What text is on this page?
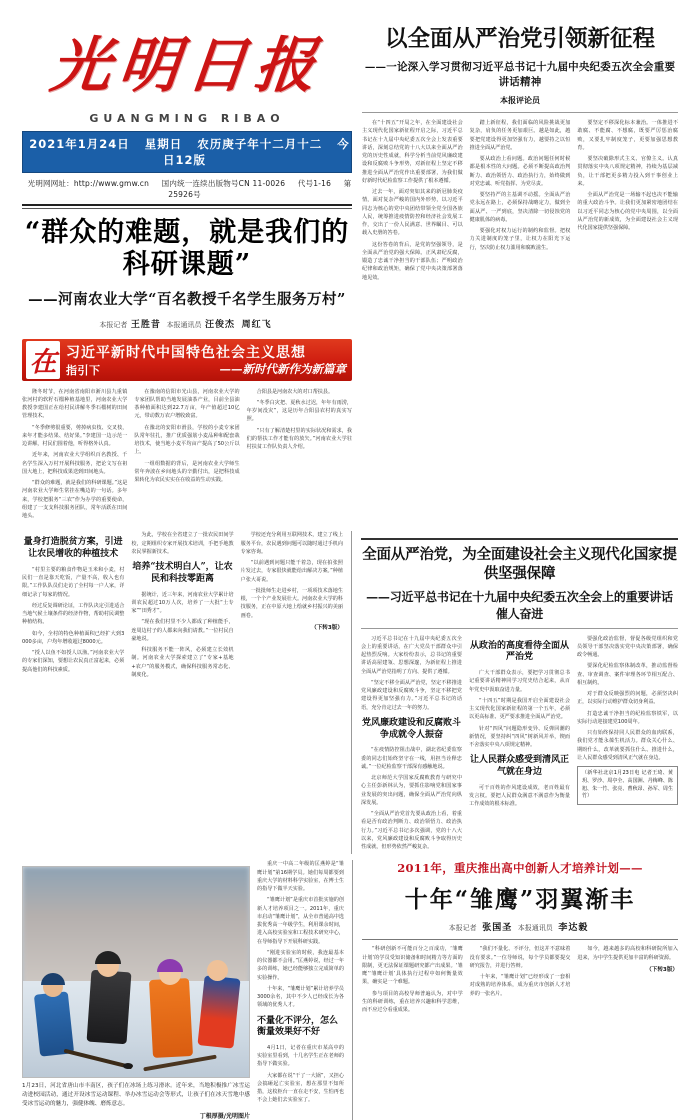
光明日报
GUANGMING RIBAO
2021年1月24日 星期日 农历庚子年十二月十二 今日12版
光明网网址：http://www.gmw.cn 国内统一连续出版物号CN 11-0026 代号1-16 第25926号
“群众的难题，就是我们的科研课题”
——河南农业大学“百名教授千名学生服务万村”
本报记者 王胜昔 本报通讯员 汪俊杰 周红飞
在 习近平新时代中国特色社会主义思想
指引下	——新时代新作为新篇章

隆冬时节，在河南省南阳市淅川县九重镇张河村的软籽石榴种植基地里，河南农业大学教授李建国正在给村民讲解冬季石榴树的田间管理技术。

“冬季修剪很重要，剪掉病虫枝、交叉枝，来年才能多结果、结好果。”李建国一边示范一边讲解，村民们围着他，听得格外认真。

近年来，河南农业大学组织百名教授、千名学生深入万村开展科技服务，把论文写在祖国大地上，把科技成果送到田间地头。

“群众的难题，就是我们的科研课题。”这是河南农业大学师生常挂在嘴边的一句话。多年来，学校把服务“三农”作为办学的重要使命，组建了一支支科技服务团队，常年活跃在田间地头。

在豫南的信阳市光山县，河南农业大学的专家团队帮助当地发展油茶产业，目前全县油茶种植面积达到22.7万亩，年产值超过10亿元，带动数万农户增收致富。

在豫北的安阳市滑县，学校的小麦专家团队常年驻扎，推广优质强筋小麦品种和配套栽培技术，使当地小麦平均亩产提高了50公斤以上。

一组组数据的背后，是河南农业大学师生常年奔波在乡间地头的辛勤付出，是把科技成果转化为农民实实在在收益的生动实践。

合阳县是河南农大的对口帮扶县。

“冬季白灾把、夏秋水过迟，年年有雨涝，年岁间没灾”，这是历年合阳县农村的真实写照。

“只有了解清楚村里的实际状况和需求，我们的帮扶工作才能有的放矢。”河南农业大学驻村扶贫工作队负责人介绍。

以全面从严治党引领新征程
——一论深入学习贯彻习近平总书记十九届中央纪委五次全会重要讲话精神
本报评论员

在“十四五”开局之年，在全面建设社会主义现代化国家新征程开启之际，习近平总书记在十九届中央纪委五次全会上发表重要讲话，深刻总结党的十八大以来全面从严治党的历史性成就，科学分析当前党风廉政建设和反腐败斗争形势，对新征程上坚定不移推进全面从严治党作出重要部署，为我们做好新时代纪检监察工作提供了根本遵循。

过去一年，面对突如其来的新冠肺炎疫情，面对复杂严峻的国内外形势，以习近平同志为核心的党中央团结带领全党全国各族人民，统筹推进疫情防控和经济社会发展工作，交出了一份人民满意、世界瞩目、可以载入史册的答卷。

这份答卷的背后，是党的坚强领导，是全面从严治党的强大保障。正风肃纪反腐，锻造了忠诚干净担当的干部队伍；严明政治纪律和政治规矩，确保了党中央决策部署落地见效。

踏上新征程，我们面临的风险挑战更加复杂，肩负的任务更加艰巨。越是如此，越要把党建设得更加坚强有力，越要持之以恒推进全面从严治党。

要从政治上看问题。政治问题任何时候都是根本性的大问题。必须不断提高政治判断力、政治领悟力、政治执行力，始终做到对党忠诚、听党指挥、为党尽责。

要坚持严的主基调不动摇。全面从严治党永远在路上，必须保持战略定力，做到全面从严、一严到底，坚决清除一切侵蚀党的健康肌体的病毒。

要强化对权力运行的制约和监督。把权力关进制度的笼子里，让权力在阳光下运行，坚决防止权力滥用和腐败滋生。

要坚定不移深化标本兼治。一体推进不敢腐、不能腐、不想腐，既要严厉惩治腐败，又要扎牢制度笼子，更要加强思想教育。

要坚决破除形式主义、官僚主义。认真贯彻落实中央八项规定精神，持续为基层减负，让干部把更多精力投入到干事创业上来。

全面从严治党是一场输不起也决不能输的重大政治斗争。让我们更加紧密地团结在以习近平同志为核心的党中央周围，以全面从严治党的新成效，为全面建设社会主义现代化国家提供坚强保障。

量身打造脱贫方案，引进让农民增收的种植技术

“村里主要的粮食作物是玉米和小麦，村民们一直是靠天吃饭，产量不高，收入也有限。”工作队队员们走访了全村每一户人家，详细记录了每家的情况。

经过反复调研论证，工作队决定引进适合当地气候土壤条件的经济作物，帮助村民调整种植结构。

如今，全村的特色种植面积已经扩大到3000多亩，户均年增收超过8000元。

“授人以鱼不如授人以渔。”河南农业大学的专家们深知，要想让农民真正富起来，必须提高他们的科技素质。

为此，学校在全省建立了一批农民田间学校，定期组织专家开展技术培训，手把手地教农民掌握新技术。

培养“技术明白人”，让农民和科技零距离

据统计，近三年来，河南农业大学累计培训农民超过10万人次，培养了一大批“土专家”“田秀才”。

“现在我们村里不少人都成了种植能手，连周边村子的人都来向我们请教。”一位村民自豪地说。

科技服务不能一阵风，必须建立长效机制。河南农业大学探索建立了“专家+基地+农户”的服务模式，确保科技服务常态化、制度化。

学校还充分利用互联网技术，建立了线上服务平台，农民遇到问题可以随时通过手机向专家咨询。

“以前遇到问题只能干着急，现在拍张照片发过去，专家很快就能给出解决方案。”种植户张大哥说。

一批批师生走进乡村，一项项技术落地生根，一个个产业发展壮大。河南农业大学的科技服务，正在中原大地上绘就乡村振兴的美丽画卷。

（下转3版）
全面从严治党，为全面建设社会主义现代化国家提供坚强保障
——习近平总书记在十九届中央纪委五次全会上的重要讲话催人奋进

习近平总书记在十九届中央纪委五次全会上的重要讲话，在广大党员干部群众中引起热烈反响。大家纷纷表示，总书记的重要讲话高屋建瓴、思想深邃，为新征程上推进全面从严治党指明了方向、提供了遵循。

“坚定不移全面从严治党，坚定不移推进党风廉政建设和反腐败斗争，坚定不移把党建设得更加坚强有力。”习近平总书记的话语，充分肯定过去一年的努力。

党风廉政建设和反腐败斗争成就令人振奋

“在疫情防控阻击战中，湖北省纪委监察委的同志们始终坚守在一线，用担当诠释忠诚。”一位纪检监察干部深有感触地说。

北京师范大学国家反腐败教育与研究中心主任彭新林认为，要抓住影响党和国家事业发展的突出问题，确保全面从严治党向纵深发展。

“全面从严治党首先要从政治上看，着重看是否有政治判断力、政治领悟力、政治执行力。”习近平总书记多次强调，党的十八大以来，党风廉政建设和反腐败斗争取得历史性成就，但形势依然严峻复杂。

从政治的高度看待全面从严治党

广大干部群众表示，要把学习贯彻总书记重要讲话精神同学习党史结合起来，从百年党史中汲取奋进力量。

“十四五”时期是我国开启全面建设社会主义现代化国家新征程的第一个五年，必须以更高标准、更严要求推进全面从严治党。

针对“四风”问题隐形变异、反弹回潮的新情况，要坚持纠“四风”树新风并举，锲而不舍落实中央八项规定精神。

让人民群众感受到清风正气就在身边

可干百姓的作风建设成效，老百姓最有发言权。要把人民群众满意不满意作为衡量工作成效的根本标准。

要强化政治监督，督促各级党组织和党员领导干部坚决落实党中央决策部署，确保政令畅通。

要深化纪检监察体制改革，推动监督检查、审查调查、案件审理各环节相互配合、相互制约。

对于群众反映强烈的问题，必须坚决纠正，以实际行动维护群众切身利益。

打造忠诚干净担当的纪检监察铁军，以实际行动迎接建党100周年。

只有始终保持同人民群众的血肉联系，我们党才能永葆生机活力。群众关心什么、期盼什么，改革就要抓住什么、推进什么，让人民群众感受到清风正气就在身边。

（新华社北京1月23日电 记者王琦、黄玥、罗沙、周亭全、高国洲、丹梅峰、陈旭、朱一竹、张亮、曹秋昂、孙军、周生竹）
1月23日，河北省唐山市丰南区，孩子们在冰场上练习滑冰。近年来，当地积极推广冰雪运动进校园活动，通过开设冰雪运动课程、举办冰雪运动会等形式，让孩子们在冰天雪地中感受冰雪运动的魅力，强健体魄、磨炼意志。
丁根厚摄/光明图片

重庆一中高二年级的匡燕婷是“雏鹰计划”第16期学员。她们每周都要到重庆大学的材料科学实验室，在博士生的指导下做半天实验。

“雏鹰计划”是重庆市首批实施的创新人才培养项目之一。2011年，重庆市启动“雏鹰计划”，从全市普通高中选拔优秀高一年级学生，利用课余时间，进入高校实验室和工程技术研究中心，在导师指导下开展科研实践。

“刚进实验室的时候，我连最基本的仪器都不会用。”匡燕婷说，经过一年多的训练，她已经能够独立完成简单的实验操作。

十年来，“雏鹰计划”累计培养学员3000余名，其中不少人已经成长为各领域的优秀人才。

不量化不评分，怎么衡量效果好不好

4月1日，记者在重庆市某高中的实验室里看到，十几名学生正在老师的指导下做实验。

大家都在说“干了一大锅”，又担心会搞砸起亡实验室，想在那里不知所措，这枚柜台一直在走不安，生怕再也不会上她们去实验室了。

2011年，重庆推出高中创新人才培养计划——
十年“雏鹰”羽翼渐丰
本报记者 张国圣 本报通讯员 李达毅

“科研创新不可能百分之百成功，‘雏鹰计划’的学员受知识储备和时间精力等方面的限制，更无法保证课题研究都产出成果。‘雏鹰’‘雏鹰计划’具体执行过程中如何衡量效果，确实是一个难题。

参与项目的高校导师普遍认为，对中学生的科研训练，重在培养兴趣和科学思维，而不应过分看重成果。

“我们不量化、不评分，但这并不意味着没有要求。”一位导师说，每个学员都要提交研究报告，并进行答辩。

十年来，“雏鹰计划”已经形成了一套相对成熟的培养体系，成为重庆市创新人才培养的一张名片。

如今，越来越多的高校和科研院所加入进来，为中学生提供更加丰富的科研资源。

（下转3版）
